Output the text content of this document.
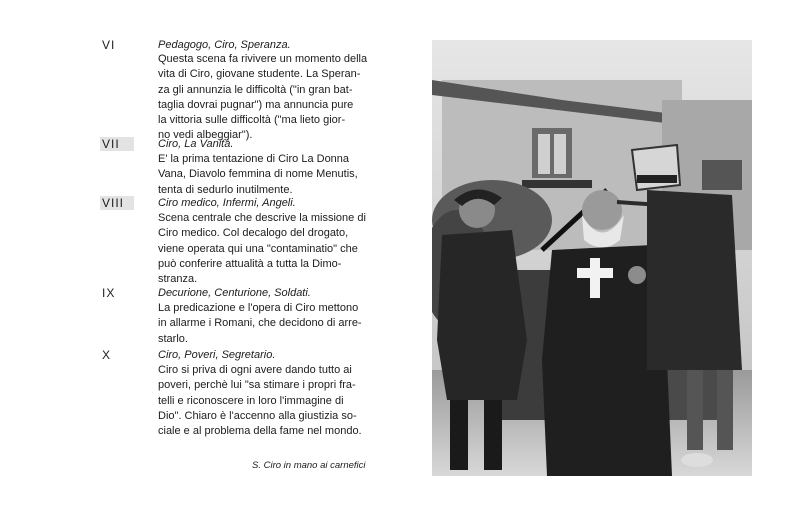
VI	Pedagogo, Ciro, Speranza.
Questa scena fa rivivere un momento della
vita di Ciro, giovane studente. La Speran-
za gli annunzia le difficoltà ("in gran bat-
taglia dovrai pugnar") ma annuncia pure
la vittoria sulle difficoltà ("ma lieto gior-
no vedi albeggiar").
VII	Ciro, La Vanità.
E' la prima tentazione di Ciro La Donna
Vana, Diavolo femmina di nome Menutis,
tenta di sedurlo inutilmente.
VIII	Ciro medico, Infermi, Angeli.
Scena centrale che descrive la missione di
Ciro medico. Col decalogo del drogato,
viene operata qui una "contaminatio" che
può conferire attualità a tutta la Dimo-
stranza.
IX	Decurione, Centurione, Soldati.
La predicazione e l'opera di Ciro mettono
in allarme i Romani, che decidono di arre-
starlo.
X	Ciro, Poveri, Segretario.
Ciro si priva di ogni avere dando tutto ai
poveri, perchè lui "sa stimare i propri fra-
telli e riconoscere in loro l'immagine di
Dio". Chiaro è l'accenno alla giustizia so-
ciale e al problema della fame nel mondo.
S. Ciro in mano ai carnefici
